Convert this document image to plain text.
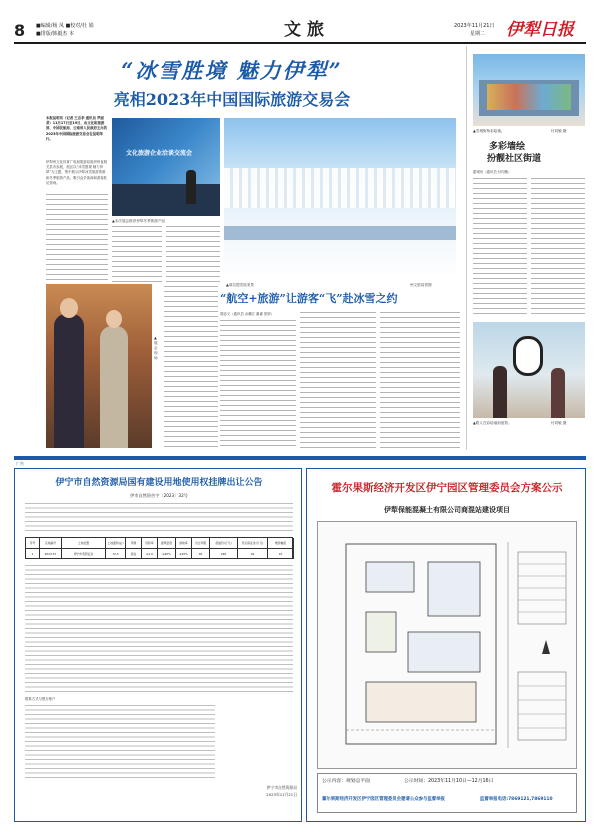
8 ■编辑/杨 凤 ■校对/杜 娟
■排版/韩毅杰 本	文旅	2023年11月21日
星期二 伊犁日报
“冰雪胜境 魅力伊犁”
亮相2023年中国国际旅游交易会
本报昆明讯（记者 王志李 通讯员 罗丽君）11月17日至19日，由文化和旅游部、中国民航局、云南省人民政府主办的2023年中国国际旅游交易会在昆明举行。
伊犁州文化体育广电和旅游局组织州直相关县市参展，展区以“冰雪胜境 魅力伊犁”为主题，集中展示伊犁冰雪旅游资源和冬季旅游产品，吸引众多客商和游客驻足咨询。
文化旅游企业洽谈交流会
▲本次展会推荐伊犁冬季旅游产品
▲那拉提雪原美景	州文旅局供图
“航空+旅游”让游客“飞”赴冰雪之约
胡忠义（通讯员 余鹏江 谢睿 张婷）
▲展会现场
▲雪城街角彩绘墙。	付同敏 摄
多彩墙绘
扮靓社区街道
霍城讯（通讯员 付同敏）
▲路人在彩绘墙前留影。	付同敏 摄
广告
伊宁市自然资源局国有建设用地使用权挂牌出让公告
伊市自然资告字〔2023〕32号
序号	宗地编号	土地位置	土地面积(㎡)	用途	容积率	建筑密度	绿地率	出让年限	起始价(万元)	竞买保证金(万元)	增价幅度
1	2023-57	伊宁市英阿亚乡	72.5	商业	≤1.0	≤40%	≥20%	40	246	49	10
联系方式与银行账户
伊宁市自然资源局
2023年11月21日
霍尔果斯经济开发区伊宁园区管理委员会方案公示
伊犁保能混凝土有限公司商混站建设项目
公示内容：规划总平面	公示时间：2023年11月10日—12月16日
霍尔果斯经济开发区伊宁园区管理委员会邀请公众参与监督举报	监督举报电话:7869121,7869110
